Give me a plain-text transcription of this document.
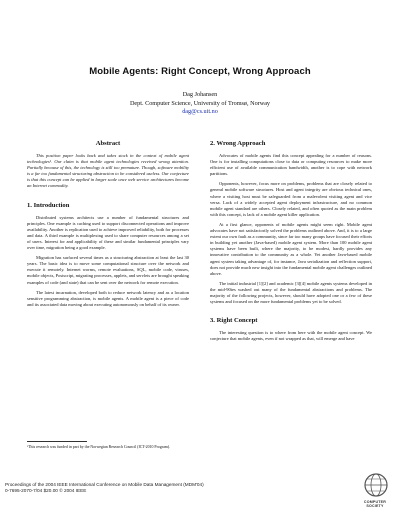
Mobile Agents: Right Concept, Wrong Approach
Dag Johansen
Dept. Computer Science, University of Tromsø, Norway
dag@cs.uit.no
Abstract

This position paper looks back and takes stock in the context of mobile agent technologies¹. Our claim is that mobile agent technologies received wrong attention. Partially because of this, the technology is still too premature. Though, software mobility is a far too fundamental structuring abstraction to be considered useless. Our conjecture is that this concept can be applied in larger scale once web service architectures become an Internet commodity.

1. Introduction

Distributed systems architects use a number of fundamental structures and principles. One example is caching used to support disconnected operations and improve availability. Another is replication used to achieve improved reliability, both for processes and data. A third example is multiplexing used to share computer resources among a set of users. Interest for and applicability of these and similar fundamental principles vary over time, migration being a good example.

Migration has surfaced several times as a structuring abstraction at least the last 30 years. The basic idea is to move some computational structure over the network and execute it remotely. Internet worms, remote evaluations, SQL, mobile code, viruses, mobile objects, Postscript, migrating processes, applets, and servlets are brought speaking examples of code (and state) that can be sent over the network for remote execution.

The latest incarnation, developed both to reduce network latency and as a location sensitive programming abstraction, is mobile agents. A mobile agent is a piece of code and its associated data moving about executing autonomously on behalf of its owner.

¹This research was funded in part by the Norwegian Research Council (ICT-2010 Program).
2. Wrong Approach

Advocates of mobile agents find this concept appealing for a number of reasons. One is for installing computations close to data or computing resources to make more efficient use of available communication bandwidth, another is to cope with network partitions.

Opponents, however, focus more on problems, problems that are closely related to general mobile software structures. Host and agent integrity are obvious technical ones, where a visiting host must be safeguarded from a malevolent visiting agent and vice versa. Lack of a widely accepted agent deployment infrastructure, and no common mobile agent standard are others. Closely related, and often quoted as the main problem with this concept, is lack of a mobile agent killer application.

At a first glance, opponents of mobile agents might seem right. Mobile agent advocates have not satisfactorily solved the problems outlined above. And, it is to a large extent our own fault as a community, since far too many groups have focused their efforts in building yet another (Java-based) mobile agent system. More than 100 mobile agent systems have been built, where the majority, to be modest, hardly provides any innovative contribution to the community as a whole. Yet another Java-based mobile agent system taking advantage of, for instance, Java serialization and reflection support, does not provide much new insight into the fundamental mobile agent challenges outlined above.

The initial industrial [1][2] and academic [3][4] mobile agents systems developed in the mid-90ies washed out many of the fundamental abstractions and problems. The majority of the following projects, however, should have adopted one or a few of these systems and focused on the more fundamental problems yet to be solved.

3. Right Concept

The interesting question is to where from here with the mobile agent concept. We conjecture that mobile agents, even if not wrapped as that, will emerge and have

Proceedings of the 2004 IEEE International Conference on Mobile Data Management (MDM'04)
0-7695-2070-7/04 $20.00 © 2004 IEEE
COMPUTER
SOCIETY
